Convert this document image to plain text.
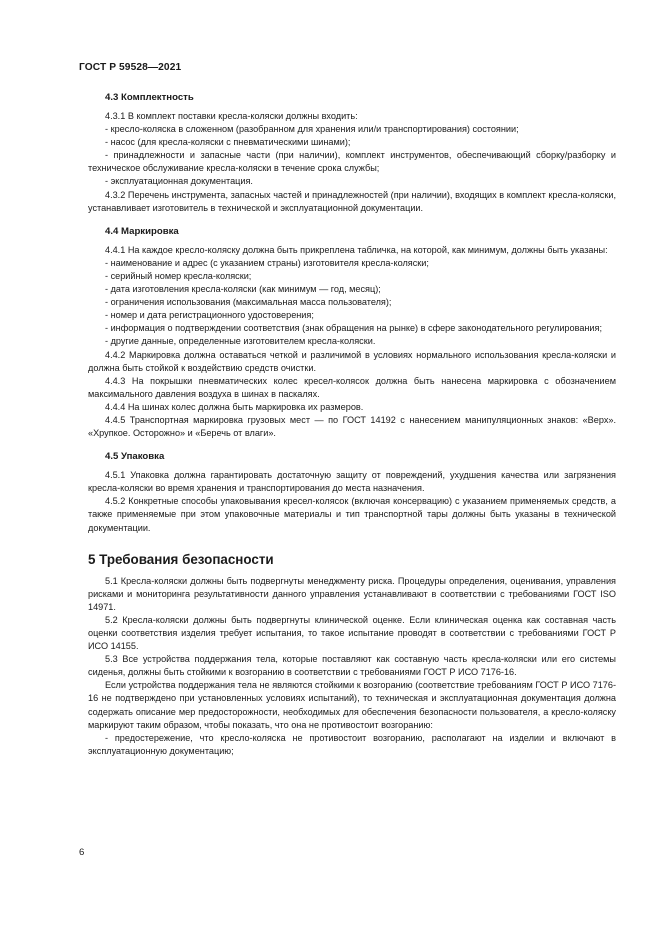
ГОСТ Р 59528—2021
4.3 Комплектность

4.3.1 В комплект поставки кресла-коляски должны входить:

- кресло-коляска в сложенном (разобранном для хранения или/и транспортирования) состоянии;

- насос (для кресла-коляски с пневматическими шинами);

- принадлежности и запасные части (при наличии), комплект инструментов, обеспечивающий сборку/разборку и техническое обслуживание кресла-коляски в течение срока службы;

- эксплуатационная документация.

4.3.2 Перечень инструмента, запасных частей и принадлежностей (при наличии), входящих в комплект кресла-коляски, устанавливает изготовитель в технической и эксплуатационной документации.

4.4 Маркировка

4.4.1 На каждое кресло-коляску должна быть прикреплена табличка, на которой, как минимум, должны быть указаны:

- наименование и адрес (с указанием страны) изготовителя кресла-коляски;

- серийный номер кресла-коляски;

- дата изготовления кресла-коляски (как минимум — год, месяц);

- ограничения использования (максимальная масса пользователя);

- номер и дата регистрационного удостоверения;

- информация о подтверждении соответствия (знак обращения на рынке) в сфере законодательного регулирования;

- другие данные, определенные изготовителем кресла-коляски.

4.4.2 Маркировка должна оставаться четкой и различимой в условиях нормального использования кресла-коляски и должна быть стойкой к воздействию средств очистки.

4.4.3 На покрышки пневматических колес кресел-колясок должна быть нанесена маркировка с обозначением максимального давления воздуха в шинах в паскалях.

4.4.4 На шинах колес должна быть маркировка их размеров.

4.4.5 Транспортная маркировка грузовых мест — по ГОСТ 14192 с нанесением манипуляционных знаков: «Верх». «Хрупкое. Осторожно» и «Беречь от влаги».

4.5 Упаковка

4.5.1 Упаковка должна гарантировать достаточную защиту от повреждений, ухудшения качества или загрязнения кресла-коляски во время хранения и транспортирования до места назначения.

4.5.2 Конкретные способы упаковывания кресел-колясок (включая консервацию) с указанием применяемых средств, а также применяемые при этом упаковочные материалы и тип транспортной тары должны быть указаны в технической документации.

5 Требования безопасности

5.1 Кресла-коляски должны быть подвергнуты менеджменту риска. Процедуры определения, оценивания, управления рисками и мониторинга результативности данного управления устанавливают в соответствии с требованиями ГОСТ ISO 14971.

5.2 Кресла-коляски должны быть подвергнуты клинической оценке. Если клиническая оценка как составная часть оценки соответствия изделия требует испытания, то такое испытание проводят в соответствии с требованиями ГОСТ Р ИСО 14155.

5.3 Все устройства поддержания тела, которые поставляют как составную часть кресла-коляски или его системы сиденья, должны быть стойкими к возгоранию в соответствии с требованиями ГОСТ Р ИСО 7176-16.

Если устройства поддержания тела не являются стойкими к возгоранию (соответствие требованиям ГОСТ Р ИСО 7176-16 не подтверждено при установленных условиях испытаний), то техническая и эксплуатационная документация должна содержать описание мер предосторожности, необходимых для обеспечения безопасности пользователя, а кресло-коляску маркируют таким образом, чтобы показать, что она не противостоит возгоранию:

- предостережение, что кресло-коляска не противостоит возгоранию, располагают на изделии и включают в эксплуатационную документацию;

6
